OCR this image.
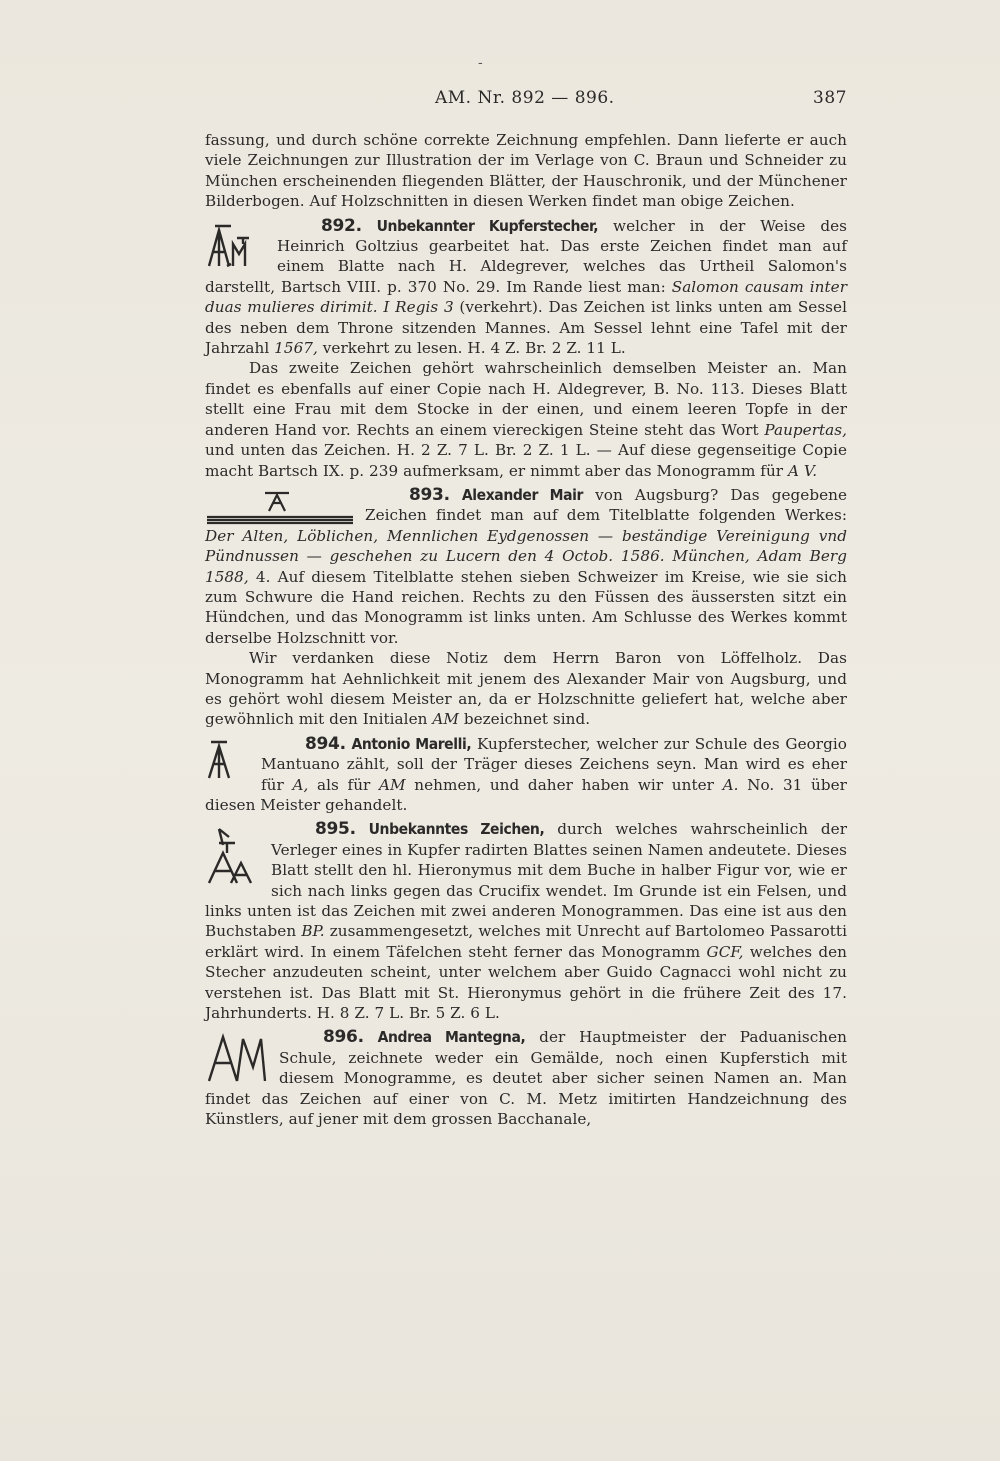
-
AM. Nr. 892 — 896.	387

fassung, und durch schöne correkte Zeichnung empfehlen. Dann lieferte er auch viele Zeichnungen zur Illustration der im Verlage von C. Braun und Schneider zu München erscheinenden fliegenden Blätter, der Hauschronik, und der Münchener Bilderbogen. Auf Holzschnitten in diesen Werken findet man obige Zeichen.

892. Unbekannter Kupferstecher, welcher in der Weise des Heinrich Goltzius gearbeitet hat. Das erste Zeichen findet man auf einem Blatte nach H. Aldegrever, welches das Urtheil Salomon's darstellt, Bartsch VIII. p. 370 No. 29. Im Rande liest man: Salomon causam inter duas mulieres dirimit. I Regis 3 (verkehrt). Das Zeichen ist links unten am Sessel des neben dem Throne sitzenden Mannes. Am Sessel lehnt eine Tafel mit der Jahrzahl 1567, verkehrt zu lesen. H. 4 Z. Br. 2 Z. 11 L.

Das zweite Zeichen gehört wahrscheinlich demselben Meister an. Man findet es ebenfalls auf einer Copie nach H. Aldegrever, B. No. 113. Dieses Blatt stellt eine Frau mit dem Stocke in der einen, und einem leeren Topfe in der anderen Hand vor. Rechts an einem viereckigen Steine steht das Wort Paupertas, und unten das Zeichen. H. 2 Z. 7 L. Br. 2 Z. 1 L. — Auf diese gegenseitige Copie macht Bartsch IX. p. 239 aufmerksam, er nimmt aber das Monogramm für A V.

893. Alexander Mair von Augsburg? Das gegebene Zeichen findet man auf dem Titelblatte folgenden Werkes: Der Alten, Löblichen, Mennlichen Eydgenossen — beständige Vereinigung vnd Pündnussen — geschehen zu Lucern den 4 Octob. 1586. München, Adam Berg 1588, 4. Auf diesem Titelblatte stehen sieben Schweizer im Kreise, wie sie sich zum Schwure die Hand reichen. Rechts zu den Füssen des äussersten sitzt ein Hündchen, und das Monogramm ist links unten. Am Schlusse des Werkes kommt derselbe Holzschnitt vor.

Wir verdanken diese Notiz dem Herrn Baron von Löffelholz. Das Monogramm hat Aehnlichkeit mit jenem des Alexander Mair von Augsburg, und es gehört wohl diesem Meister an, da er Holzschnitte geliefert hat, welche aber gewöhnlich mit den Initialen AM bezeichnet sind.

894. Antonio Marelli, Kupferstecher, welcher zur Schule des Georgio Mantuano zählt, soll der Träger dieses Zeichens seyn. Man wird es eher für A, als für AM nehmen, und daher haben wir unter A. No. 31 über diesen Meister gehandelt.

895. Unbekanntes Zeichen, durch welches wahrscheinlich der Verleger eines in Kupfer radirten Blattes seinen Namen andeutete. Dieses Blatt stellt den hl. Hieronymus mit dem Buche in halber Figur vor, wie er sich nach links gegen das Crucifix wendet. Im Grunde ist ein Felsen, und links unten ist das Zeichen mit zwei anderen Monogrammen. Das eine ist aus den Buchstaben BP. zusammengesetzt, welches mit Unrecht auf Bartolomeo Passarotti erklärt wird. In einem Täfelchen steht ferner das Monogramm GCF, welches den Stecher anzudeuten scheint, unter welchem aber Guido Cagnacci wohl nicht zu verstehen ist. Das Blatt mit St. Hieronymus gehört in die frühere Zeit des 17. Jahrhunderts. H. 8 Z. 7 L. Br. 5 Z. 6 L.

896. Andrea Mantegna, der Hauptmeister der Paduanischen Schule, zeichnete weder ein Gemälde, noch einen Kupferstich mit diesem Monogramme, es deutet aber sicher seinen Namen an. Man findet das Zeichen auf einer von C. M. Metz imitirten Handzeichnung des Künstlers, auf jener mit dem grossen Bacchanale,
